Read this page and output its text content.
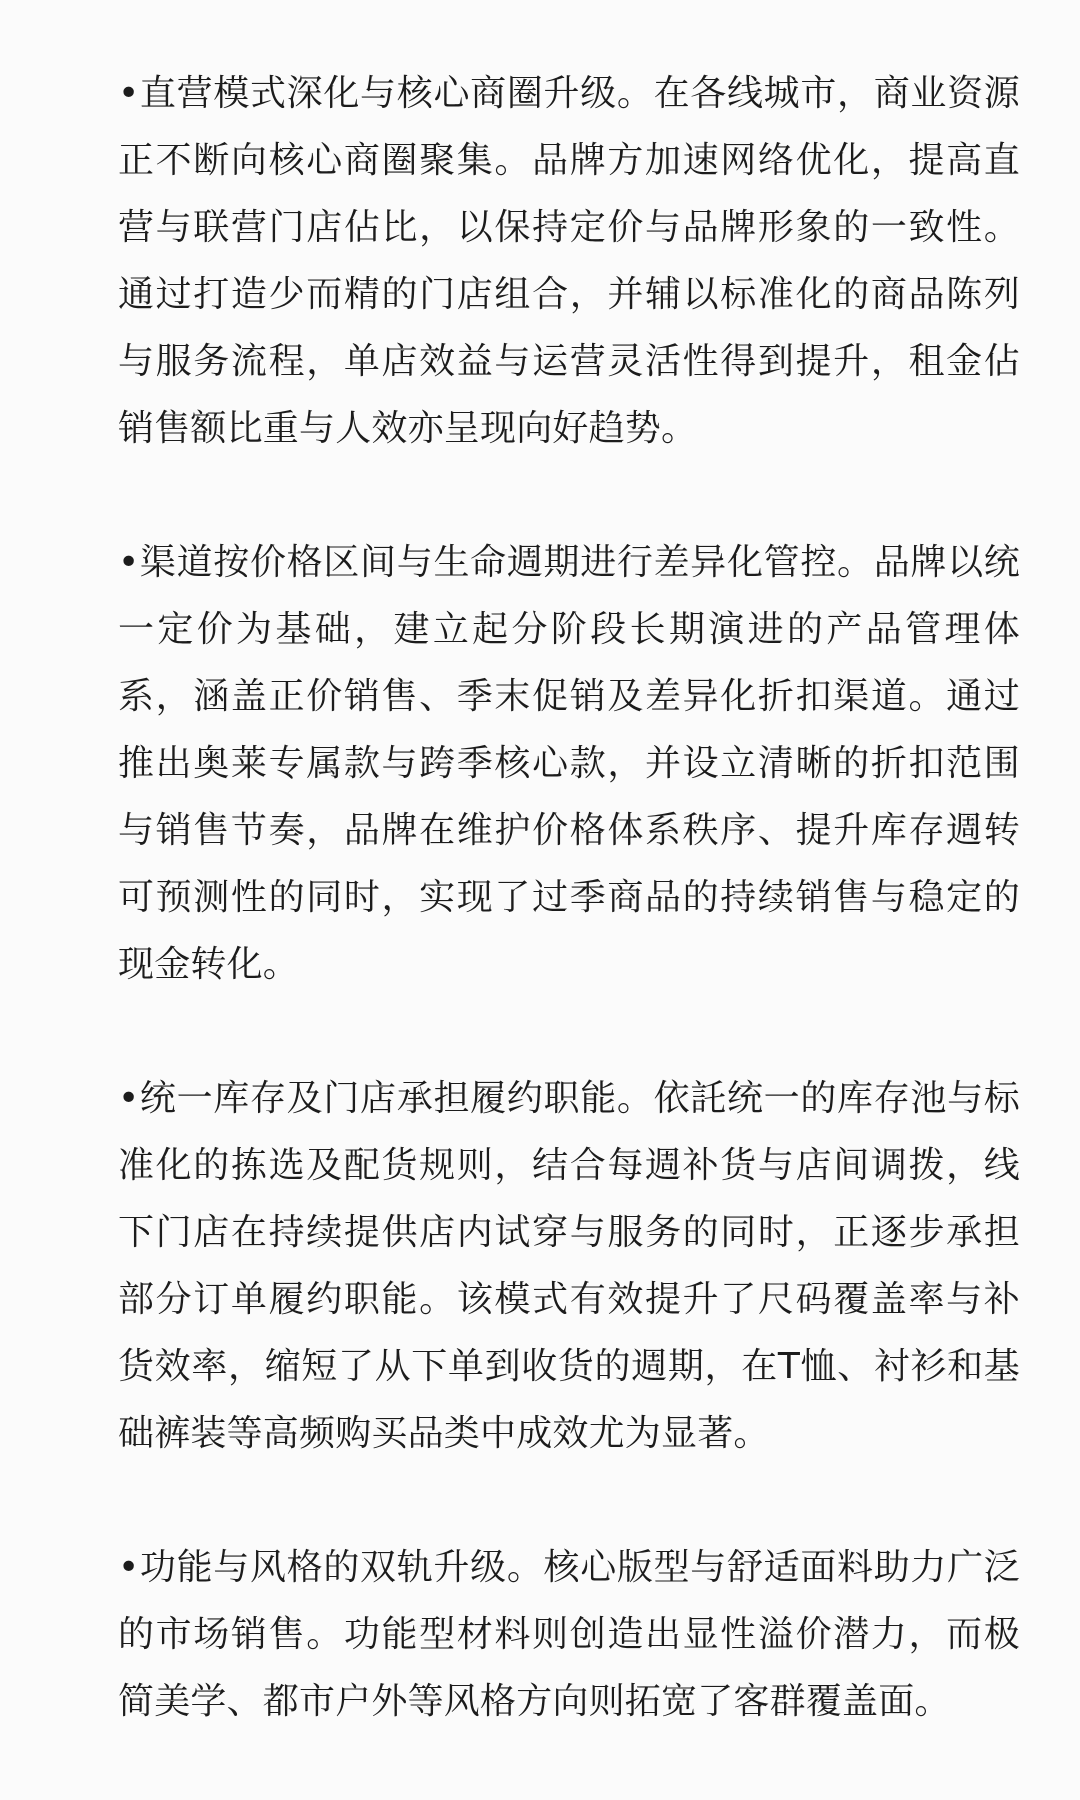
•直营模式深化与核心商圈升级。在各线城市，商业资源正不断向核心商圈聚集。品牌方加速网络优化，提高直营与联营门店佔比，以保持定价与品牌形象的一致性。通过打造少而精的门店组合，并辅以标准化的商品陈列与服务流程，单店效益与运营灵活性得到提升，租金佔销售额比重与人效亦呈现向好趋势。

•渠道按价格区间与生命週期进行差异化管控。品牌以统一定价为基础，建立起分阶段长期演进的产品管理体系，涵盖正价销售、季末促销及差异化折扣渠道。通过推出奥莱专属款与跨季核心款，并设立清晰的折扣范围与销售节奏，品牌在维护价格体系秩序、提升库存週转可预测性的同时，实现了过季商品的持续销售与稳定的现金转化。

•统一库存及门店承担履约职能。依託统一的库存池与标准化的拣选及配货规则，结合每週补货与店间调拨，线下门店在持续提供店内试穿与服务的同时，正逐步承担部分订单履约职能。该模式有效提升了尺码覆盖率与补货效率，缩短了从下单到收货的週期，在T恤、衬衫和基础裤装等高频购买品类中成效尤为显著。

•功能与风格的双轨升级。核心版型与舒适面料助力广泛的市场销售。功能型材料则创造出显性溢价潜力，而极简美学、都市户外等风格方向则拓宽了客群覆盖面。
